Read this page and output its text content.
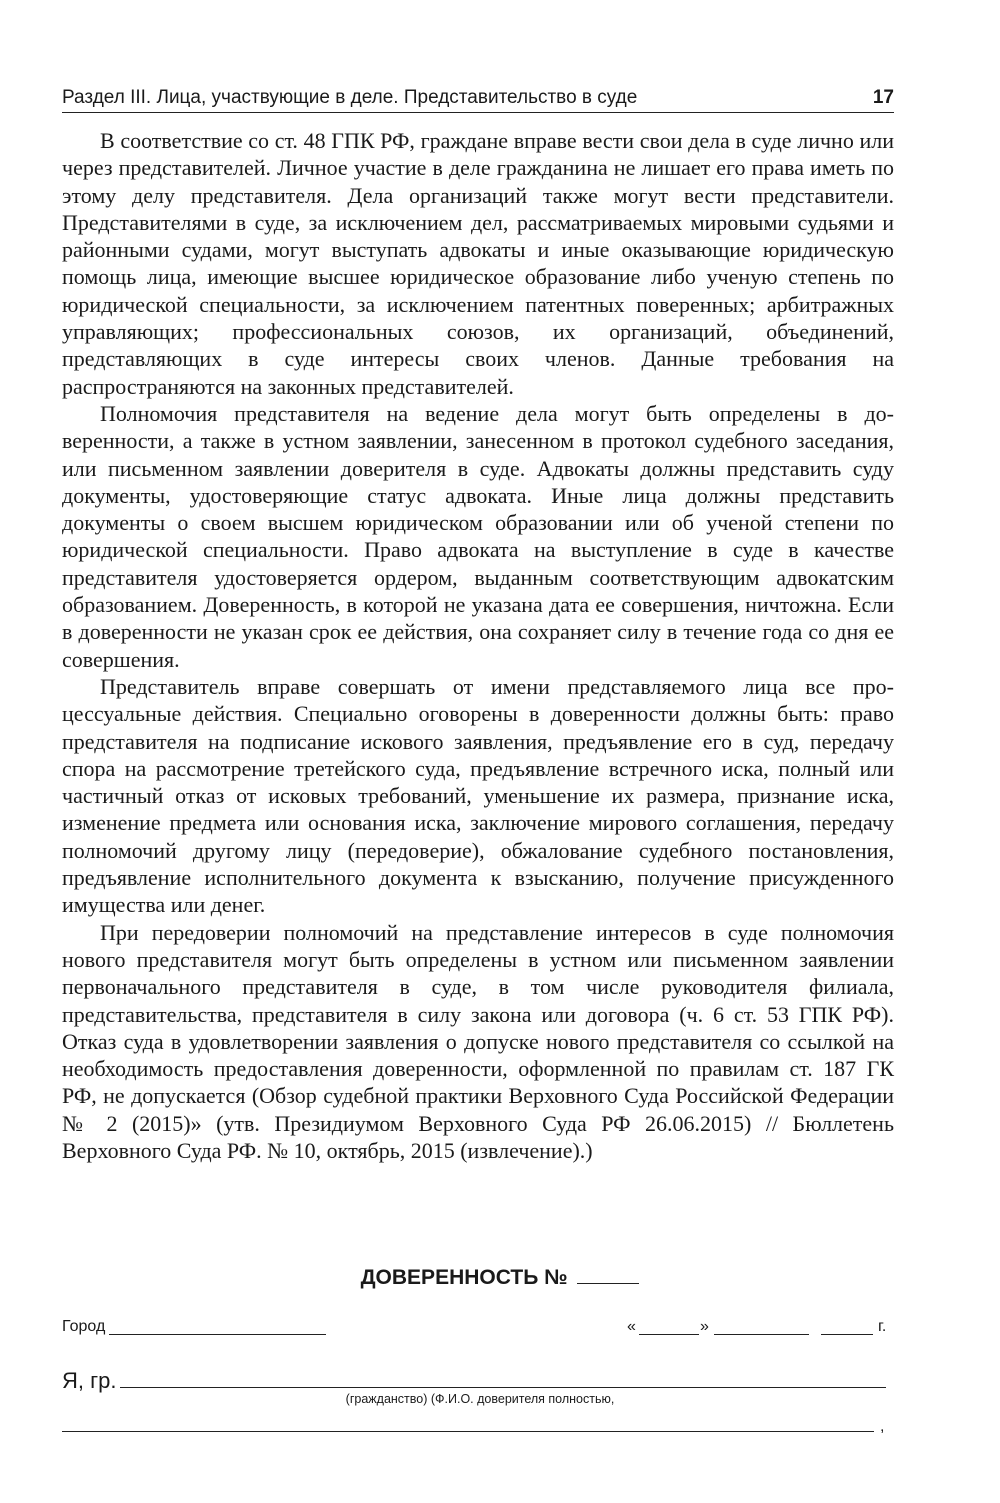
Раздел III. Лица, участвующие в деле. Представительство в суде	17

В соответствие со ст. 48 ГПК РФ, граждане вправе вести свои дела в суде лично или через представителей. Личное участие в деле гражданина не лишает его права иметь по этому делу представителя. Дела организаций также могут вести представители. Представителями в суде, за исключением дел, рассматриваемых мировыми судьями и районными судами, могут выступать адвокаты и иные оказывающие юридическую помощь лица, имеющие высшее юридическое образование либо ученую степень по юридической специальности, за исключением патентных поверенных; арбитражных управляющих; профессиональных союзов, их организаций, объединений, представляющих в суде интересы своих членов. Данные требования на распространяются на законных представителей.

Полномочия представителя на ведение дела могут быть определены в доверенности, а также в устном заявлении, занесенном в протокол судебного заседания, или письменном заявлении доверителя в суде. Адвокаты должны представить суду документы, удостоверяющие статус адвоката. Иные лица должны представить документы о своем высшем юридическом образовании или об ученой степени по юридической специальности. Право адвоката на выступление в суде в качестве представителя удостоверяется ордером, выданным соответствующим адвокатским образованием. Доверенность, в которой не указана дата ее совершения, ничтожна. Если в доверенности не указан срок ее действия, она сохраняет силу в течение года со дня ее совершения.

Представитель вправе совершать от имени представляемого лица все процессуальные действия. Специально оговорены в доверенности должны быть: право представителя на подписание искового заявления, предъявление его в суд, передачу спора на рассмотрение третейского суда, предъявление встречного иска, полный или частичный отказ от исковых требований, уменьшение их размера, признание иска, изменение предмета или основания иска, заключение мирового соглашения, передачу полномочий другому лицу (передоверие), обжалование судебного постановления, предъявление исполнительного документа к взысканию, получение присужденного имущества или денег.

При передоверии полномочий на представление интересов в суде полномочия нового представителя могут быть определены в устном или письменном заявлении первоначального представителя в суде, в том числе руководителя филиала, представительства, представителя в силу закона или договора (ч. 6 ст. 53 ГПК РФ). Отказ суда в удовлетворении заявления о допуске нового представителя со ссылкой на необходимость предоставления доверенности, оформленной по правилам ст. 187 ГК РФ, не допускается (Обзор судебной практики Верховного Суда Российской Федерации № 2 (2015)» (утв. Президиумом Верховного Суда РФ 26.06.2015) // Бюллетень Верховного Суда РФ. № 10, октябрь, 2015 (извлечение).)

ДОВЕРЕННОСТЬ №
Город	«	»	г.
Я, гр.
(гражданство) (Ф.И.О. доверителя полностью,
,
